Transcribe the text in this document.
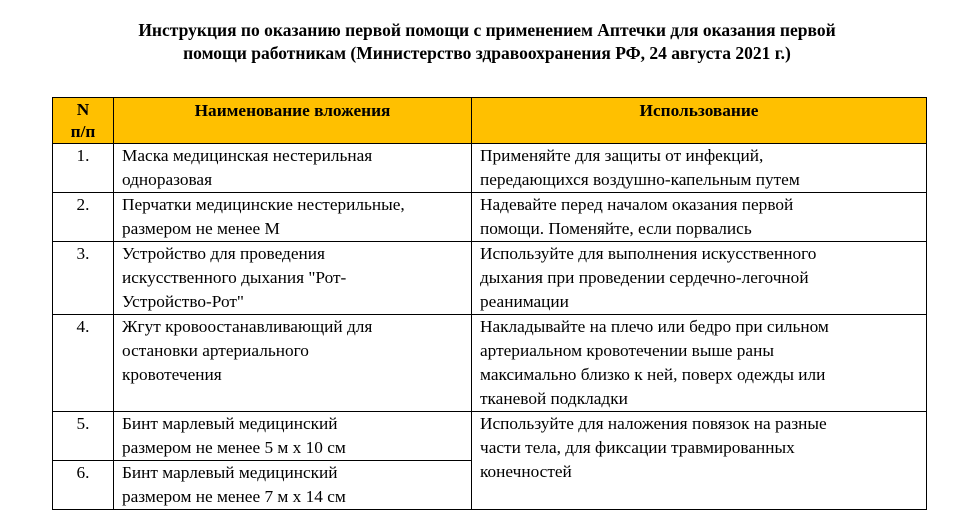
Инструкция по оказанию первой помощи с применением Аптечки для оказания первой
помощи работникам (Министерство здравоохранения РФ, 24 августа 2021 г.)
N
п/п	Наименование вложения	Использование
1.	Маска медицинская нестерильная
одноразовая	Применяйте для защиты от инфекций,
передающихся воздушно-капельным путем

2.	Перчатки медицинские нестерильные,
размером не менее М	Надевайте перед началом оказания первой
помощи. Поменяйте, если порвались

3.	Устройство для проведения
искусственного дыхания "Рот-
Устройство-Рот"	Используйте для выполнения искусственного
дыхания при проведении сердечно-легочной
реанимации

4.	Жгут кровоостанавливающий для
остановки артериального
кровотечения	Накладывайте на плечо или бедро при сильном
артериальном кровотечении выше раны
максимально близко к ней, поверх одежды или
тканевой подкладки

5.	Бинт марлевый медицинский
размером не менее 5 м х 10 см	Используйте для наложения повязок на разные
части тела, для фиксации травмированных
конечностей

6.	Бинт марлевый медицинский
размером не менее 7 м х 14 см	
